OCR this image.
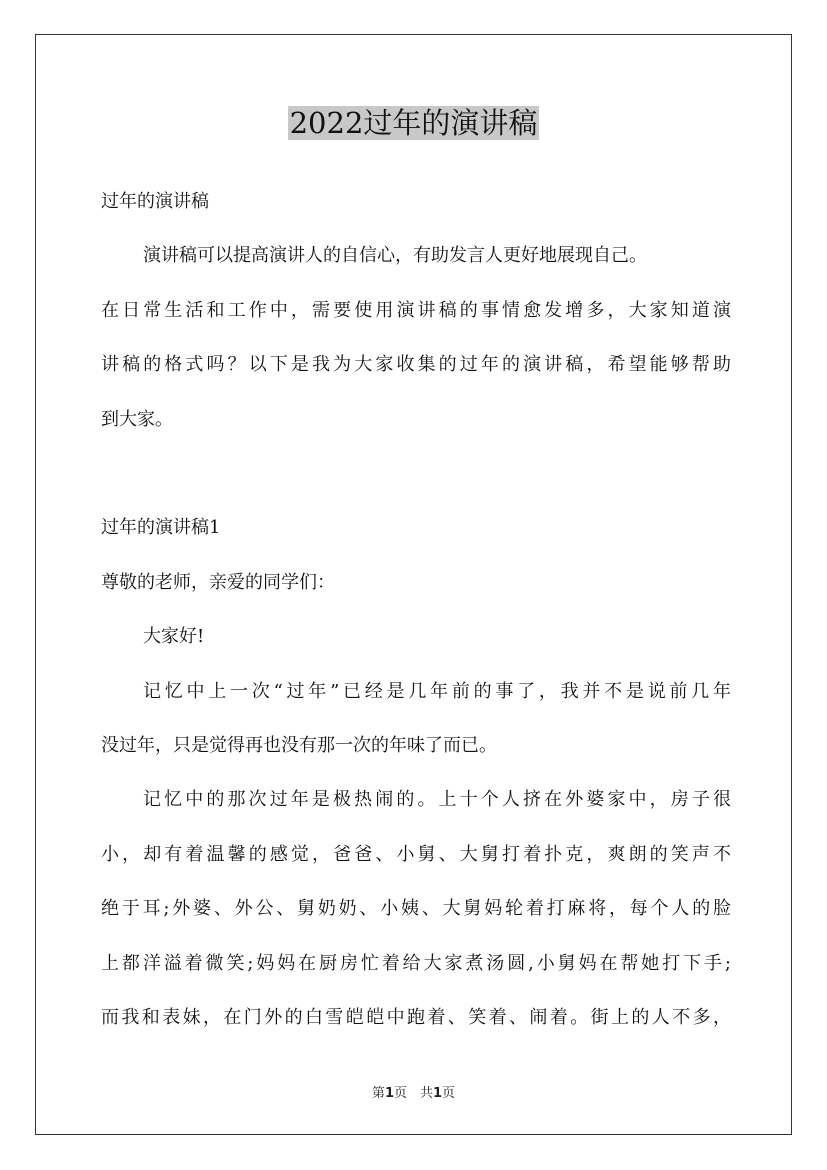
2022过年的演讲稿

过年的演讲稿

演讲稿可以提高演讲人的自信心，有助发言人更好地展现自己。

在日常生活和工作中，需要使用演讲稿的事情愈发增多，大家知道演

讲稿的格式吗？以下是我为大家收集的过年的演讲稿，希望能够帮助

到大家。

过年的演讲稿1

尊敬的老师，亲爱的同学们：

大家好!

记忆中上一次“过年”已经是几年前的事了，我并不是说前几年

没过年，只是觉得再也没有那一次的年味了而已。

记忆中的那次过年是极热闹的。上十个人挤在外婆家中，房子很

小，却有着温馨的感觉，爸爸、小舅、大舅打着扑克，爽朗的笑声不

绝于耳;外婆、外公、舅奶奶、小姨、大舅妈轮着打麻将，每个人的脸

上都洋溢着微笑;妈妈在厨房忙着给大家煮汤圆,小舅妈在帮她打下手;

而我和表妹，在门外的白雪皑皑中跑着、笑着、闹着。街上的人不多，

第1页　共1页
